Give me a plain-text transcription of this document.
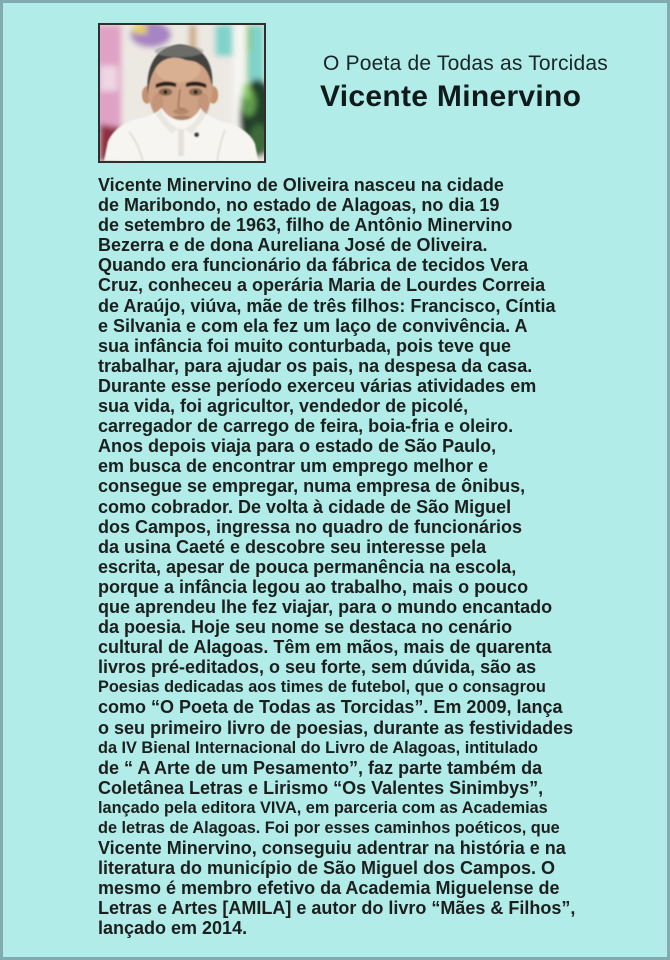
O Poeta de Todas as Torcidas
Vicente Minervino
Vicente Minervino de Oliveira nasceu na cidade
de Maribondo, no estado de Alagoas, no dia 19
de setembro de 1963, filho de Antônio Minervino
Bezerra e de dona Aureliana José de Oliveira.
Quando era funcionário da fábrica de tecidos Vera
Cruz, conheceu a operária Maria de Lourdes Correia
de Araújo, viúva, mãe de três filhos: Francisco, Cíntia
e Silvania e com ela fez um laço de convivência. A
sua infância foi muito conturbada, pois teve que
trabalhar, para ajudar os pais, na despesa da casa.
Durante esse período exerceu várias atividades em
sua vida, foi agricultor, vendedor de picolé,
carregador de carrego de feira, boia-fria e oleiro.
Anos depois viaja para o estado de São Paulo,
em busca de encontrar um emprego melhor e
consegue se empregar, numa empresa de ônibus,
como cobrador. De volta à cidade de São Miguel
dos Campos, ingressa no quadro de funcionários
da usina Caeté e descobre seu interesse pela
escrita, apesar de pouca permanência na escola,
porque a infância legou ao trabalho, mais o pouco
que aprendeu lhe fez viajar, para o mundo encantado
da poesia. Hoje seu nome se destaca no cenário
cultural de Alagoas. Têm em mãos, mais de quarenta
livros pré-editados, o seu forte, sem dúvida, são as
Poesias dedicadas aos times de futebol, que o consagrou
como “O Poeta de Todas as Torcidas”. Em 2009, lança
o seu primeiro livro de poesias, durante as festividades
da IV Bienal Internacional do Livro de Alagoas, intitulado
de “ A Arte de um Pesamento”, faz parte também da
Coletânea Letras e Lirismo “Os Valentes Sinimbys”,
lançado pela editora VIVA, em parceria com as Academias
de letras de Alagoas. Foi por esses caminhos poéticos, que
Vicente Minervino, conseguiu adentrar na história e na
literatura do município de São Miguel dos Campos. O
mesmo é membro efetivo da Academia Miguelense de
Letras e Artes [AMILA] e autor do livro “Mães & Filhos”,
lançado em 2014.
